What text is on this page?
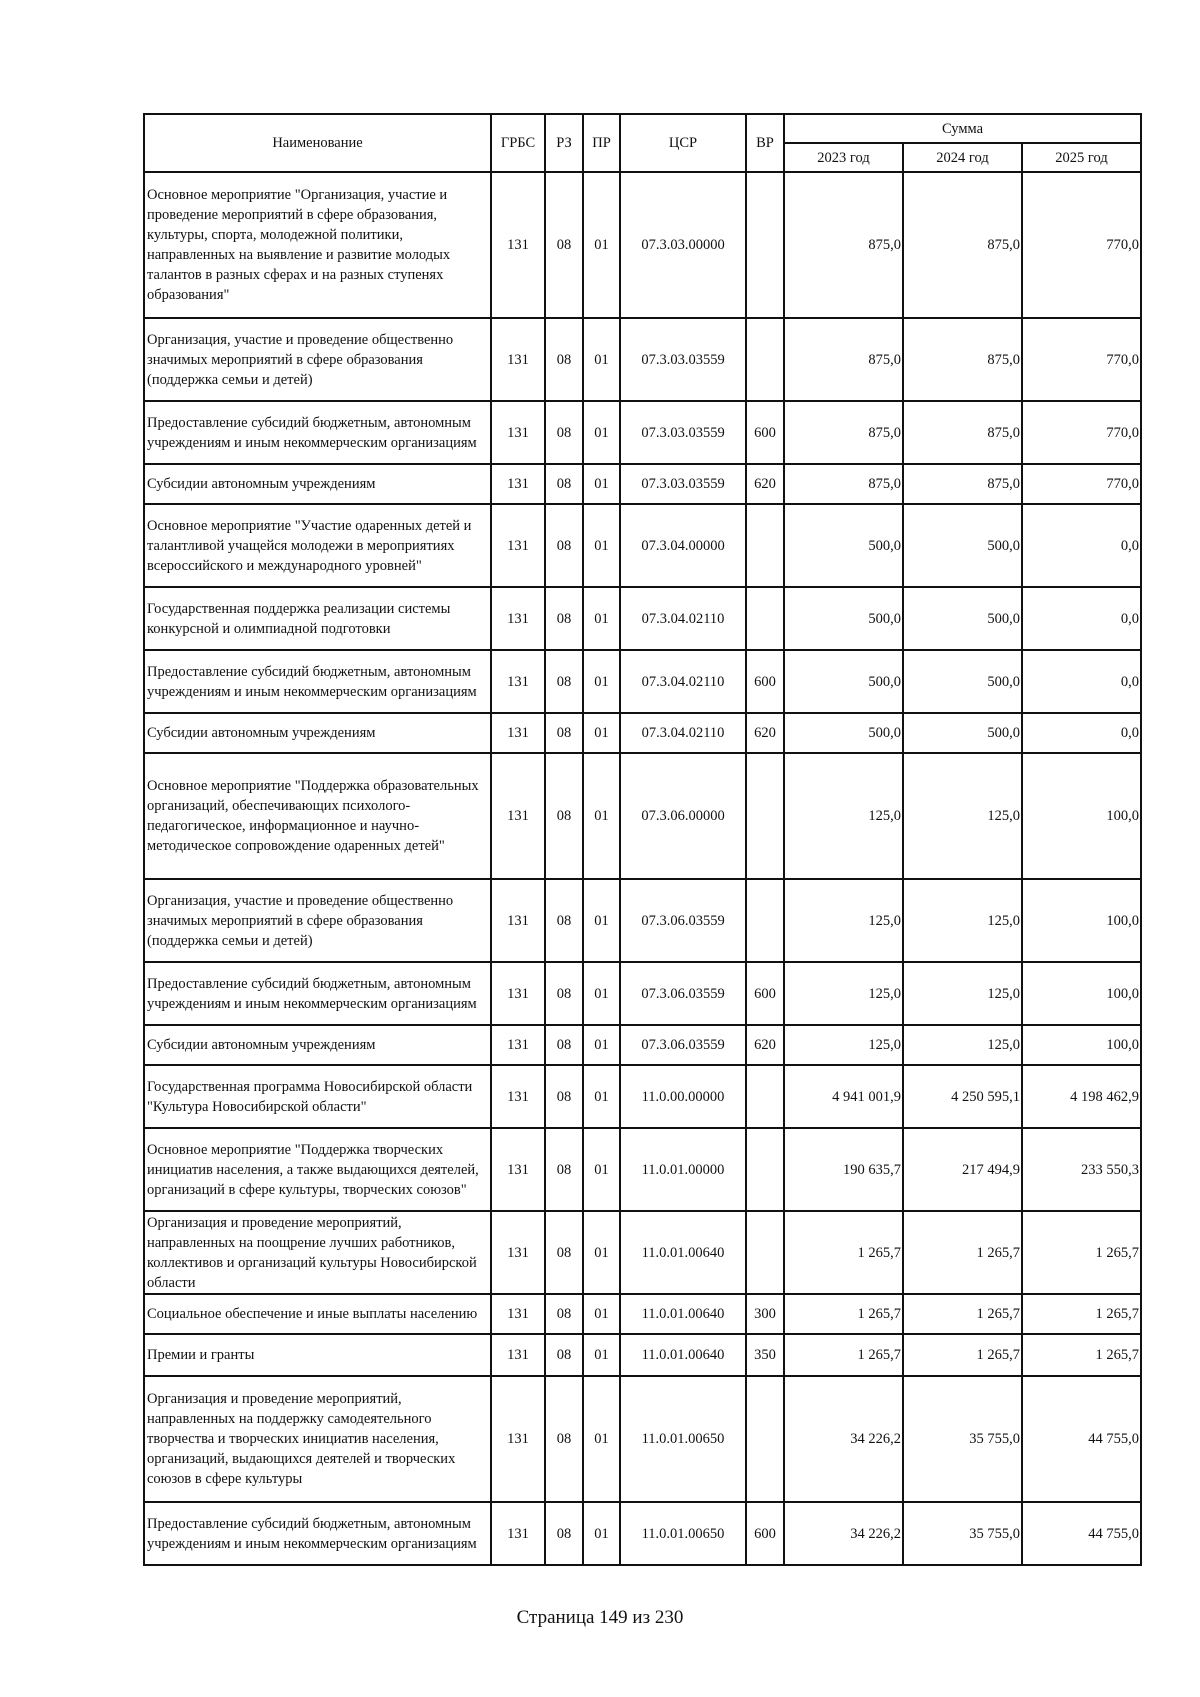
Наименование	ГРБС	РЗ	ПР	ЦСР	ВР	Сумма		
						2023 год	2024 год	2025 год
Основное мероприятие "Организация, участие и проведение мероприятий в сфере образования, культуры, спорта, молодежной политики, направленных на выявление и развитие молодых талантов в разных сферах и на разных ступенях образования"	131	08	01	07.3.03.00000		875,0	875,0	770,0
Организация, участие и проведение общественно значимых мероприятий в сфере образования (поддержка семьи и детей)	131	08	01	07.3.03.03559		875,0	875,0	770,0
Предоставление субсидий бюджетным, автономным учреждениям и иным некоммерческим организациям	131	08	01	07.3.03.03559	600	875,0	875,0	770,0
Субсидии автономным учреждениям	131	08	01	07.3.03.03559	620	875,0	875,0	770,0
Основное мероприятие "Участие одаренных детей и талантливой учащейся молодежи в мероприятиях всероссийского и международного уровней"	131	08	01	07.3.04.00000		500,0	500,0	0,0
Государственная поддержка реализации системы конкурсной и олимпиадной подготовки	131	08	01	07.3.04.02110		500,0	500,0	0,0
Предоставление субсидий бюджетным, автономным учреждениям и иным некоммерческим организациям	131	08	01	07.3.04.02110	600	500,0	500,0	0,0
Субсидии автономным учреждениям	131	08	01	07.3.04.02110	620	500,0	500,0	0,0
Основное мероприятие "Поддержка образовательных организаций, обеспечивающих психолого-педагогическое, информационное и научно-методическое сопровождение одаренных детей"	131	08	01	07.3.06.00000		125,0	125,0	100,0
Организация, участие и проведение общественно значимых мероприятий в сфере образования (поддержка семьи и детей)	131	08	01	07.3.06.03559		125,0	125,0	100,0
Предоставление субсидий бюджетным, автономным учреждениям и иным некоммерческим организациям	131	08	01	07.3.06.03559	600	125,0	125,0	100,0
Субсидии автономным учреждениям	131	08	01	07.3.06.03559	620	125,0	125,0	100,0
Государственная программа Новосибирской области "Культура Новосибирской области"	131	08	01	11.0.00.00000		4 941 001,9	4 250 595,1	4 198 462,9
Основное мероприятие "Поддержка творческих инициатив населения, а также выдающихся деятелей, организаций в сфере культуры, творческих союзов"	131	08	01	11.0.01.00000		190 635,7	217 494,9	233 550,3
Организация и проведение мероприятий, направленных на поощрение лучших работников, коллективов и организаций культуры Новосибирской области	131	08	01	11.0.01.00640		1 265,7	1 265,7	1 265,7
Социальное обеспечение и иные выплаты населению	131	08	01	11.0.01.00640	300	1 265,7	1 265,7	1 265,7
Премии и гранты	131	08	01	11.0.01.00640	350	1 265,7	1 265,7	1 265,7
Организация и проведение мероприятий, направленных на поддержку самодеятельного творчества и творческих инициатив населения, организаций, выдающихся деятелей и творческих союзов в сфере культуры	131	08	01	11.0.01.00650		34 226,2	35 755,0	44 755,0
Предоставление субсидий бюджетным, автономным учреждениям и иным некоммерческим организациям	131	08	01	11.0.01.00650	600	34 226,2	35 755,0	44 755,0
Страница 149 из 230
